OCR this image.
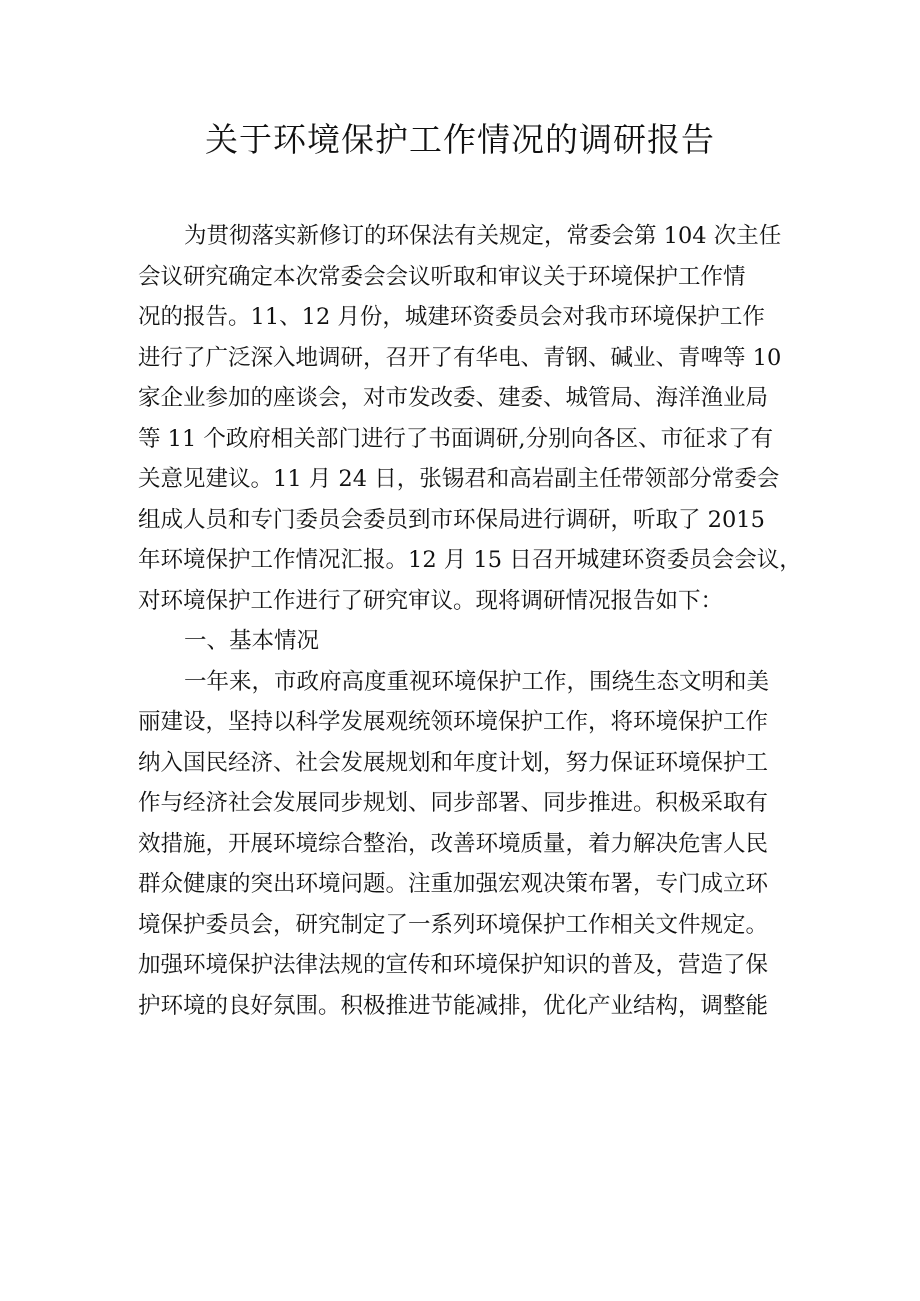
关于环境保护工作情况的调研报告
为贯彻落实新修订的环保法有关规定，常委会第 104 次主任
会议研究确定本次常委会会议听取和审议关于环境保护工作情
况的报告。11、12 月份，城建环资委员会对我市环境保护工作
进行了广泛深入地调研，召开了有华电、青钢、碱业、青啤等 10
家企业参加的座谈会，对市发改委、建委、城管局、海洋渔业局
等 11 个政府相关部门进行了书面调研,分别向各区、市征求了有
关意见建议。11 月 24 日，张锡君和高岩副主任带领部分常委会
组成人员和专门委员会委员到市环保局进行调研，听取了 2015
年环境保护工作情况汇报。12 月 15 日召开城建环资委员会会议，
对环境保护工作进行了研究审议。现将调研情况报告如下：
一、基本情况
一年来，市政府高度重视环境保护工作，围绕生态文明和美
丽建设，坚持以科学发展观统领环境保护工作，将环境保护工作
纳入国民经济、社会发展规划和年度计划，努力保证环境保护工
作与经济社会发展同步规划、同步部署、同步推进。积极采取有
效措施，开展环境综合整治，改善环境质量，着力解决危害人民
群众健康的突出环境问题。注重加强宏观决策布署，专门成立环
境保护委员会，研究制定了一系列环境保护工作相关文件规定。
加强环境保护法律法规的宣传和环境保护知识的普及，营造了保
护环境的良好氛围。积极推进节能减排，优化产业结构，调整能
